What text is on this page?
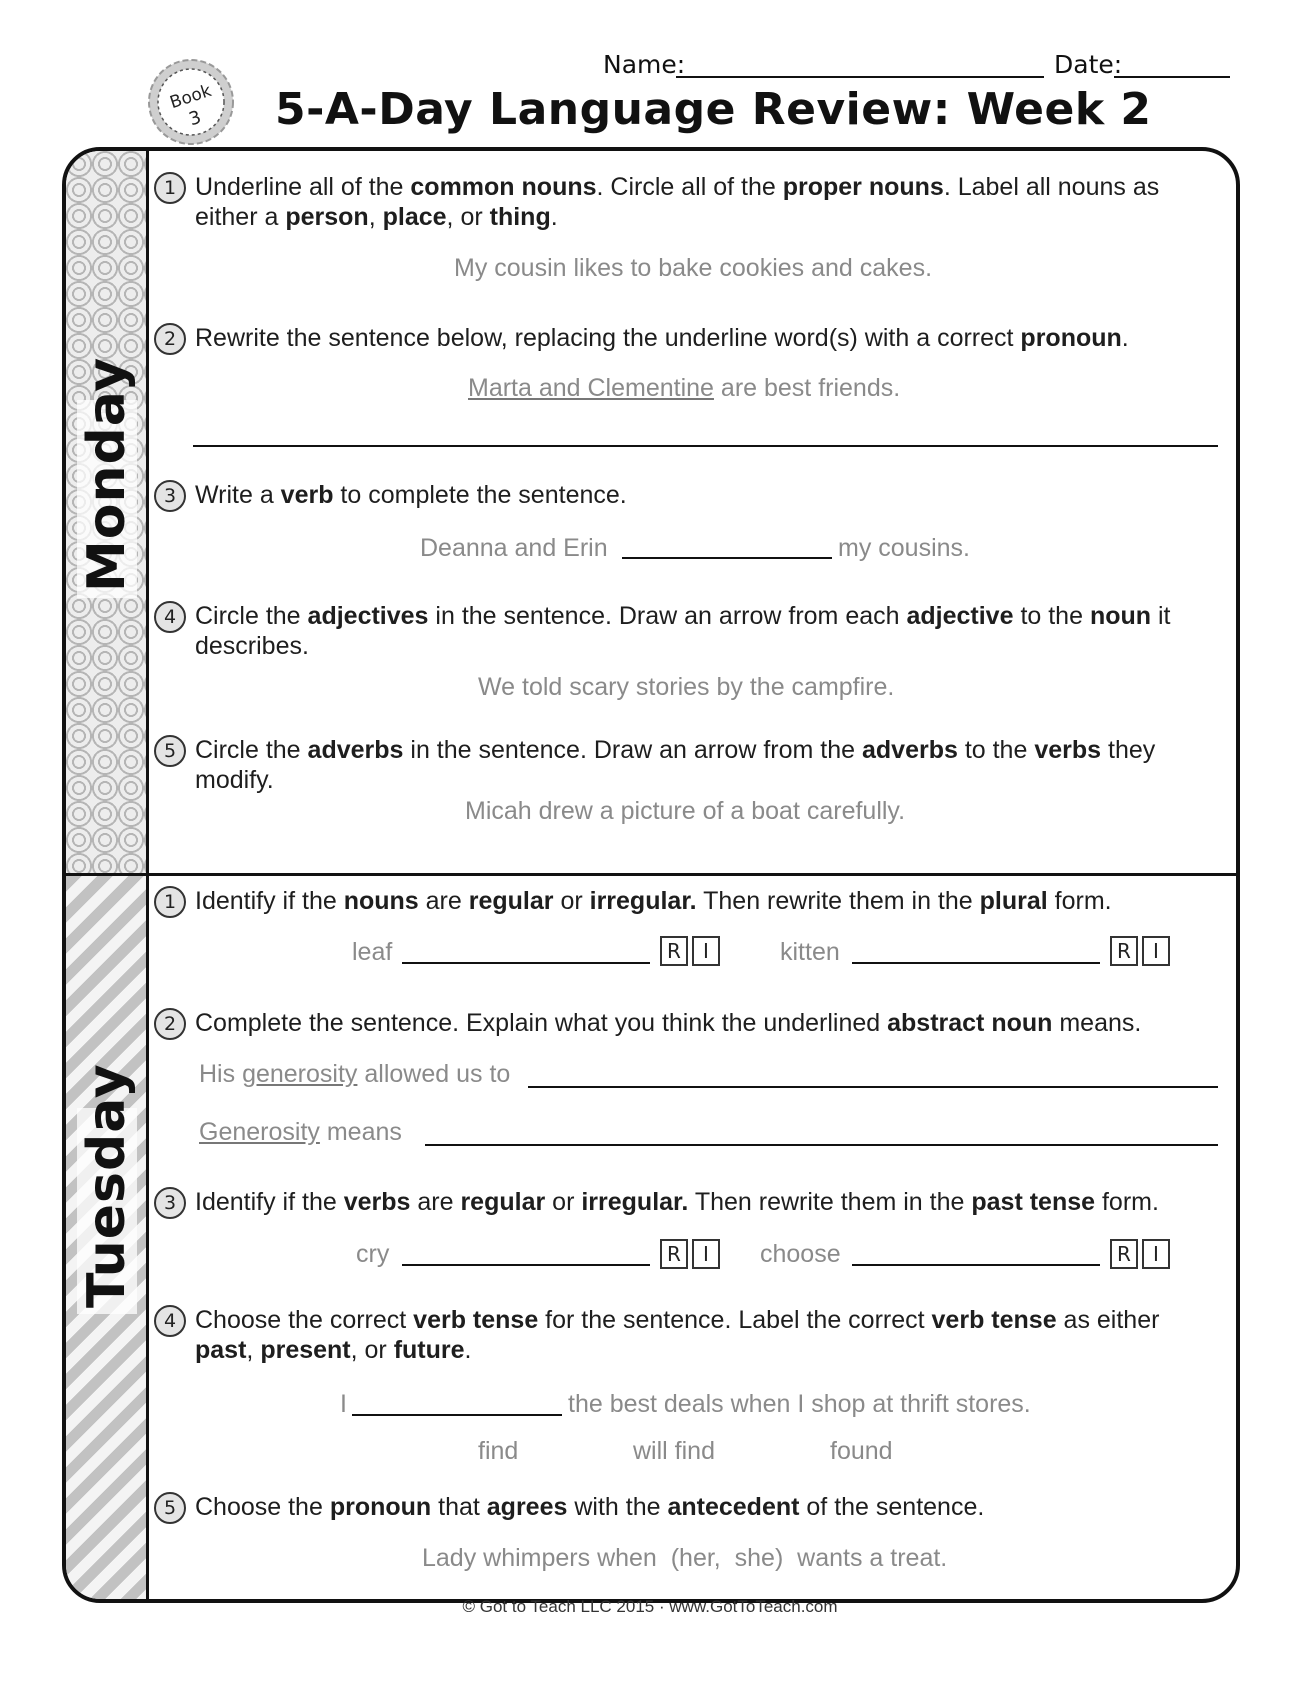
Name:	Date:
Book
3 5-A-Day Language Review: Week 2
Monday
Tuesday
1 Underline all of the common nouns. Circle all of the proper nouns. Label all nouns as either a person, place, or thing.
My cousin likes to bake cookies and cakes.
2 Rewrite the sentence below, replacing the underline word(s) with a correct pronoun.
Marta and Clementine are best friends.
3 Write a verb to complete the sentence.
Deanna and Erin	my cousins.
4 Circle the adjectives in the sentence. Draw an arrow from each adjective to the noun it describes.
We told scary stories by the campfire.
5 Circle the adverbs in the sentence. Draw an arrow from the adverbs to the verbs they modify.
Micah drew a picture of a boat carefully.
1 Identify if the nouns are regular or irregular. Then rewrite them in the plural form.
leaf	R	I	kitten	R	I
2 Complete the sentence. Explain what you think the underlined abstract noun means.
His generosity allowed us to
Generosity means
3 Identify if the verbs are regular or irregular. Then rewrite them in the past tense form.
cry	R	I	choose	R	I
4 Choose the correct verb tense for the sentence. Label the correct verb tense as either past, present, or future.
I	the best deals when I shop at thrift stores.
find	will find	found
5 Choose the pronoun that agrees with the antecedent of the sentence.
Lady whimpers when  (her,  she)  wants a treat.
© Got to Teach LLC 2015 · www.GotToTeach.com
